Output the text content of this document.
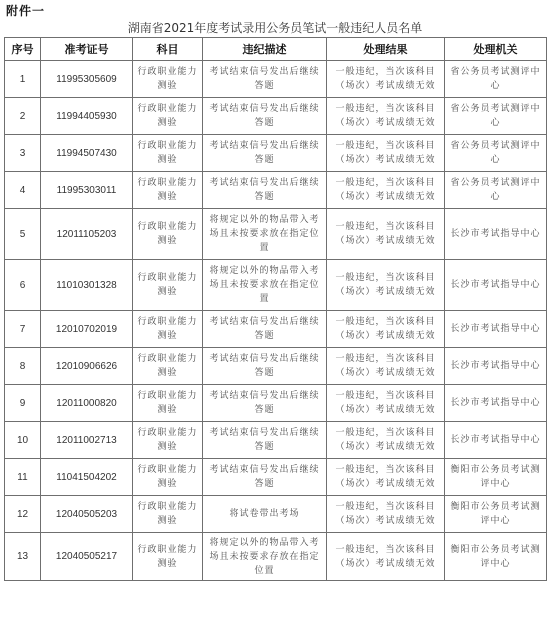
附件一
湖南省2021年度考试录用公务员笔试一般违纪人员名单
序号	准考证号	科目	违纪描述	处理结果	处理机关
1	11995305609	行政职业能力测验	考试结束信号发出后继续答题	一般违纪，当次该科目（场次）考试成绩无效	省公务员考试测评中心
2	11994405930	行政职业能力测验	考试结束信号发出后继续答题	一般违纪，当次该科目（场次）考试成绩无效	省公务员考试测评中心
3	11994507430	行政职业能力测验	考试结束信号发出后继续答题	一般违纪，当次该科目（场次）考试成绩无效	省公务员考试测评中心
4	11995303011	行政职业能力测验	考试结束信号发出后继续答题	一般违纪，当次该科目（场次）考试成绩无效	省公务员考试测评中心
5	12011105203	行政职业能力测验	将规定以外的物品带入考场且未按要求放在指定位置	一般违纪，当次该科目（场次）考试成绩无效	长沙市考试指导中心
6	11010301328	行政职业能力测验	将规定以外的物品带入考场且未按要求放在指定位置	一般违纪，当次该科目（场次）考试成绩无效	长沙市考试指导中心
7	12010702019	行政职业能力测验	考试结束信号发出后继续答题	一般违纪，当次该科目（场次）考试成绩无效	长沙市考试指导中心
8	12010906626	行政职业能力测验	考试结束信号发出后继续答题	一般违纪，当次该科目（场次）考试成绩无效	长沙市考试指导中心
9	12011000820	行政职业能力测验	考试结束信号发出后继续答题	一般违纪，当次该科目（场次）考试成绩无效	长沙市考试指导中心
10	12011002713	行政职业能力测验	考试结束信号发出后继续答题	一般违纪，当次该科目（场次）考试成绩无效	长沙市考试指导中心
11	11041504202	行政职业能力测验	考试结束信号发出后继续答题	一般违纪，当次该科目（场次）考试成绩无效	衡阳市公务员考试测评中心
12	12040505203	行政职业能力测验	将试卷带出考场	一般违纪，当次该科目（场次）考试成绩无效	衡阳市公务员考试测评中心
13	12040505217	行政职业能力测验	将规定以外的物品带入考场且未按要求存放在指定位置	一般违纪，当次该科目（场次）考试成绩无效	衡阳市公务员考试测评中心
